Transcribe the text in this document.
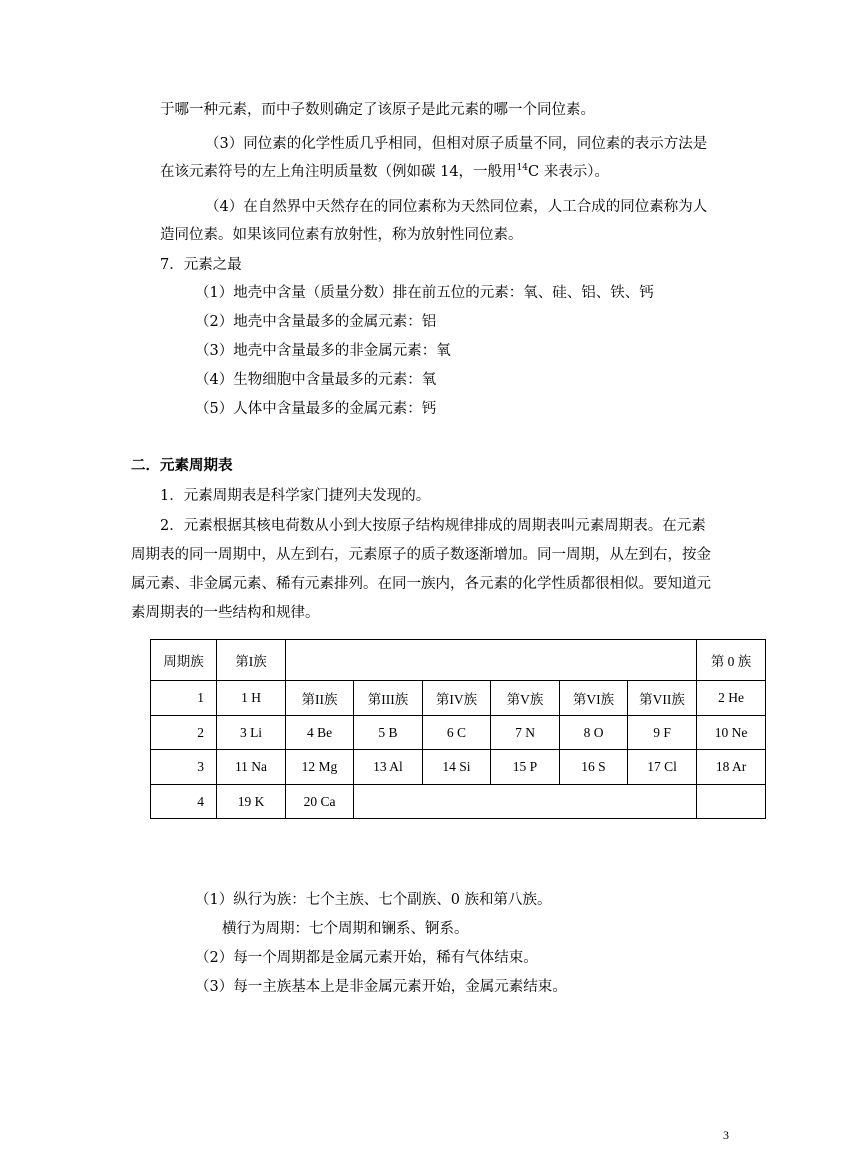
于哪一种元素，而中子数则确定了该原子是此元素的哪一个同位素。
（3）同位素的化学性质几乎相同，但相对原子质量不同，同位素的表示方法是
在该元素符号的左上角注明质量数（例如碳 14，一般用$^{14}$C 来表示）。
（4）在自然界中天然存在的同位素称为天然同位素，人工合成的同位素称为人
造同位素。如果该同位素有放射性，称为放射性同位素。
7．元素之最
（1）地壳中含量（质量分数）排在前五位的元素：氧、硅、铝、铁、钙
（2）地壳中含量最多的金属元素：铝
（3）地壳中含量最多的非金属元素：氧
（4）生物细胞中含量最多的元素：氧
（5）人体中含量最多的金属元素：钙
二．元素周期表
1．元素周期表是科学家门捷列夫发现的。
2．元素根据其核电荷数从小到大按原子结构规律排成的周期表叫元素周期表。在元素
周期表的同一周期中，从左到右，元素原子的质子数逐渐增加。同一周期，从左到右，按金
属元素、非金属元素、稀有元素排列。在同一族内，各元素的化学性质都很相似。要知道元
素周期表的一些结构和规律。
周期族	第I族							第 0 族
1	1 H	第II族	第III族	第IV族	第V族	第VI族	第VII族	2 He
2	3 Li	4 Be	5 B	6 C	7 N	8 O	9 F	10 Ne
3	11 Na	12 Mg	13 Al	14 Si	15 P	16 S	17 Cl	18 Ar
4	19 K	20 Ca						
（1）纵行为族：七个主族、七个副族、0 族和第八族。
横行为周期：七个周期和镧系、锕系。
（2）每一个周期都是金属元素开始，稀有气体结束。
（3）每一主族基本上是非金属元素开始，金属元素结束。
3
